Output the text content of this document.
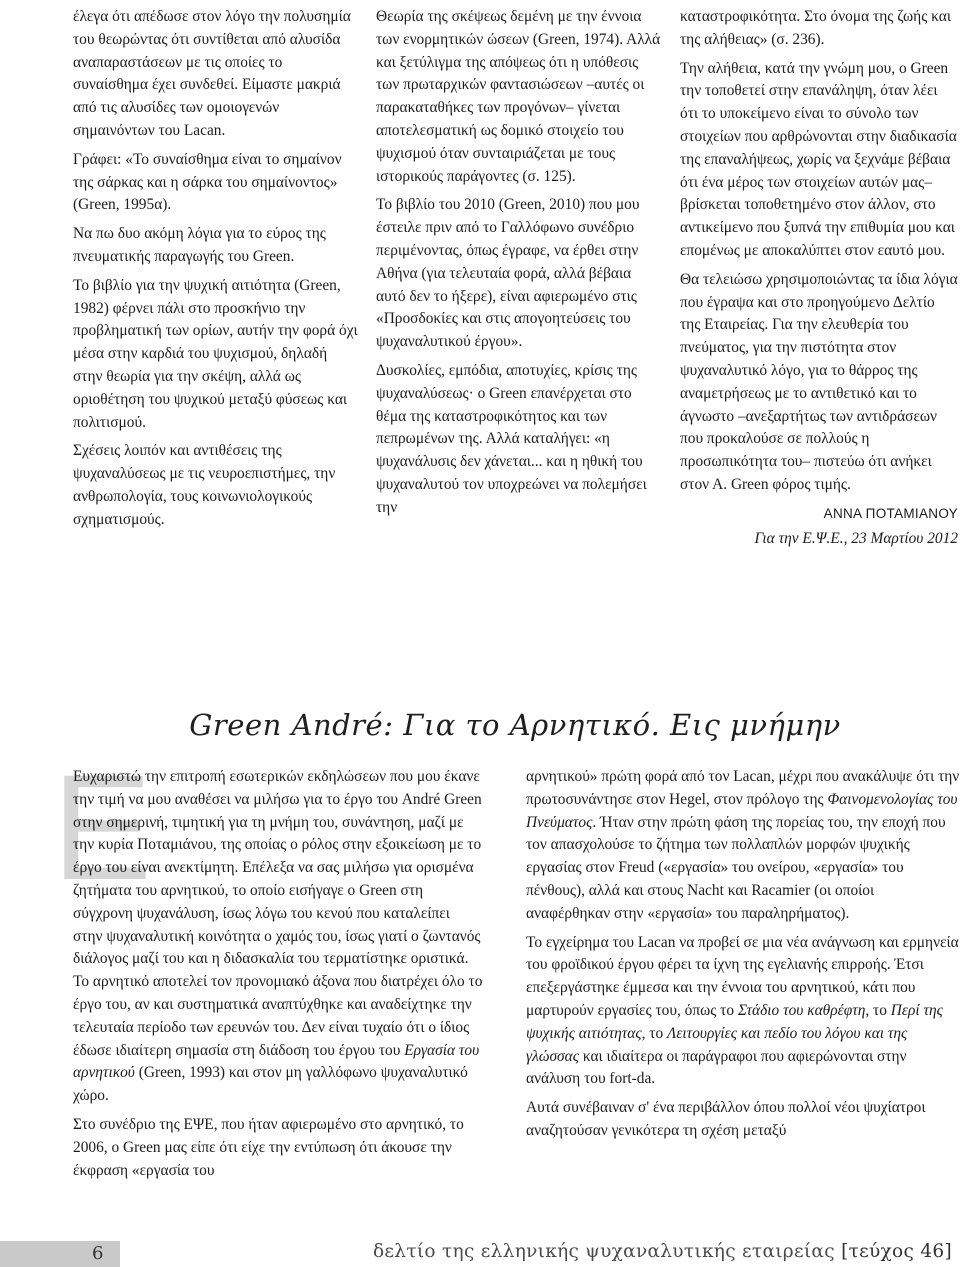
έλεγα ότι απέδωσε στον λόγο την πολυσημία του θεωρώντας ότι συντίθεται από αλυσίδα αναπαραστάσεων με τις οποίες το συναίσθημα έχει συνδεθεί. Είμαστε μακριά από τις αλυσίδες των ομοιογενών σημαινόντων του Lacan.

Γράφει: «Το συναίσθημα είναι το σημαίνον της σάρκας και η σάρκα του σημαίνοντος» (Green, 1995α).

Να πω δυο ακόμη λόγια για το εύρος της πνευματικής παραγωγής του Green.

Το βιβλίο για την ψυχική αιτιότητα (Green, 1982) φέρνει πάλι στο προσκήνιο την προβληματική των ορίων, αυτήν την φορά όχι μέσα στην καρδιά του ψυχισμού, δηλαδή στην θεωρία για την σκέψη, αλλά ως οριοθέτηση του ψυχικού μεταξύ φύσεως και πολιτισμού.

Σχέσεις λοιπόν και αντιθέσεις της ψυχαναλύσεως με τις νευροεπιστήμες, την ανθρωπολογία, τους κοινωνιολογικούς σχηματισμούς.

Θεωρία της σκέψεως δεμένη με την έννοια των ενορμητικών ώσεων (Green, 1974). Αλλά και ξετύλιγμα της απόψεως ότι η υπόθεσις των πρωταρχικών φαντασιώσεων –αυτές οι παρακαταθήκες των προγόνων– γίνεται αποτελεσματική ως δομικό στοιχείο του ψυχισμού όταν συνταιριάζεται με τους ιστορικούς παράγοντες (σ. 125).

Το βιβλίο του 2010 (Green, 2010) που μου έστειλε πριν από το Γαλλόφωνο συνέδριο περιμένοντας, όπως έγραφε, να έρθει στην Αθήνα (για τελευταία φορά, αλλά βέβαια αυτό δεν το ήξερε), είναι αφιερωμένο στις «Προσδοκίες και στις απογοητεύσεις του ψυχαναλυτικού έργου».

Δυσκολίες, εμπόδια, αποτυχίες, κρίσις της ψυχαναλύσεως· ο Green επανέρχεται στο θέμα της καταστροφικότητος και των πεπρωμένων της. Αλλά καταλήγει: «η ψυχανάλυσις δεν χάνεται... και η ηθική του ψυχαναλυτού τον υποχρεώνει να πολεμήσει την

καταστροφικότητα. Στο όνομα της ζωής και της αλήθειας» (σ. 236).

Την αλήθεια, κατά την γνώμη μου, ο Green την τοποθετεί στην επανάληψη, όταν λέει ότι το υποκείμενο είναι το σύνολο των στοιχείων που αρθρώνονται στην διαδικασία της επαναλήψεως, χωρίς να ξεχνάμε βέβαια ότι ένα μέρος των στοιχείων αυτών μας– βρίσκεται τοποθετημένο στον άλλον, στο αντικείμενο που ξυπνά την επιθυμία μου και επομένως με αποκαλύπτει στον εαυτό μου.

Θα τελειώσω χρησιμοποιώντας τα ίδια λόγια που έγραψα και στο προηγούμενο Δελτίο της Εταιρείας. Για την ελευθερία του πνεύματος, για την πιστότητα στον ψυχαναλυτικό λόγο, για το θάρρος της αναμετρήσεως με το αντιθετικό και το άγνωστο –ανεξαρτήτως των αντιδράσεων που προκαλούσε σε πολλούς η προσωπικότητα του– πιστεύω ότι ανήκει στον Α. Green φόρος τιμής.

ΑΝΝΑ ΠΟΤΑΜΙΑΝΟΥ

Για την Ε.Ψ.Ε., 23 Μαρτίου 2012

Green André: Για το Αρνητικό. Εις μνήμην
E

Ευχαριστώ την επιτροπή εσωτερικών εκδηλώσεων που μου έκανε την τιμή να μου αναθέσει να μιλήσω για το έργο του André Green στην σημερινή, τιμητική για τη μνήμη του, συνάντηση, μαζί με την κυρία Ποταμιάνου, της οποίας ο ρόλος στην εξοικείωση με το έργο του είναι ανεκτίμητη. Επέλεξα να σας μιλήσω για ορισμένα ζητήματα του αρνητικού, το οποίο εισήγαγε ο Green στη σύγχρονη ψυχανάλυση, ίσως λόγω του κενού που καταλείπει στην ψυχαναλυτική κοινότητα ο χαμός του, ίσως γιατί ο ζωντανός διάλογος μαζί του και η διδασκαλία του τερματίστηκε οριστικά. Το αρνητικό αποτελεί τον προνομιακό άξονα που διατρέχει όλο το έργο του, αν και συστηματικά αναπτύχθηκε και αναδείχτηκε την τελευταία περίοδο των ερευνών του. Δεν είναι τυχαίο ότι ο ίδιος έδωσε ιδιαίτερη σημασία στη διάδοση του έργου του Εργασία του αρνητικού (Green, 1993) και στον μη γαλλόφωνο ψυχαναλυτικό χώρο.

Στο συνέδριο της ΕΨΕ, που ήταν αφιερωμένο στο αρνητικό, το 2006, ο Green μας είπε ότι είχε την εντύπωση ότι άκουσε την έκφραση «εργασία του

αρνητικού» πρώτη φορά από τον Lacan, μέχρι που ανακάλυψε ότι την πρωτοσυνάντησε στον Hegel, στον πρόλογο της Φαινομενολογίας του Πνεύματος. Ήταν στην πρώτη φάση της πορείας του, την εποχή που τον απασχολούσε το ζήτημα των πολλαπλών μορφών ψυχικής εργασίας στον Freud («εργασία» του ονείρου, «εργασία» του πένθους), αλλά και στους Nacht και Racamier (οι οποίοι αναφέρθηκαν στην «εργασία» του παραληρήματος).

Το εγχείρημα του Lacan να προβεί σε μια νέα ανάγνωση και ερμηνεία του φροϊδικού έργου φέρει τα ίχνη της εγελιανής επιρροής. Έτσι επεξεργάστηκε έμμεσα και την έννοια του αρνητικού, κάτι που μαρτυρούν εργασίες του, όπως το Στάδιο του καθρέφτη, το Περί της ψυχικής αιτιότητας, το Λειτουργίες και πεδίο του λόγου και της γλώσσας και ιδιαίτερα οι παράγραφοι που αφιερώνονται στην ανάλυση του fort-da.

Αυτά συνέβαιναν σ' ένα περιβάλλον όπου πολλοί νέοι ψυχίατροι αναζητούσαν γενικότερα τη σχέση μεταξύ

6	δελτίο της ελληνικής ψυχαναλυτικής εταιρείας [τεύχος 46]
